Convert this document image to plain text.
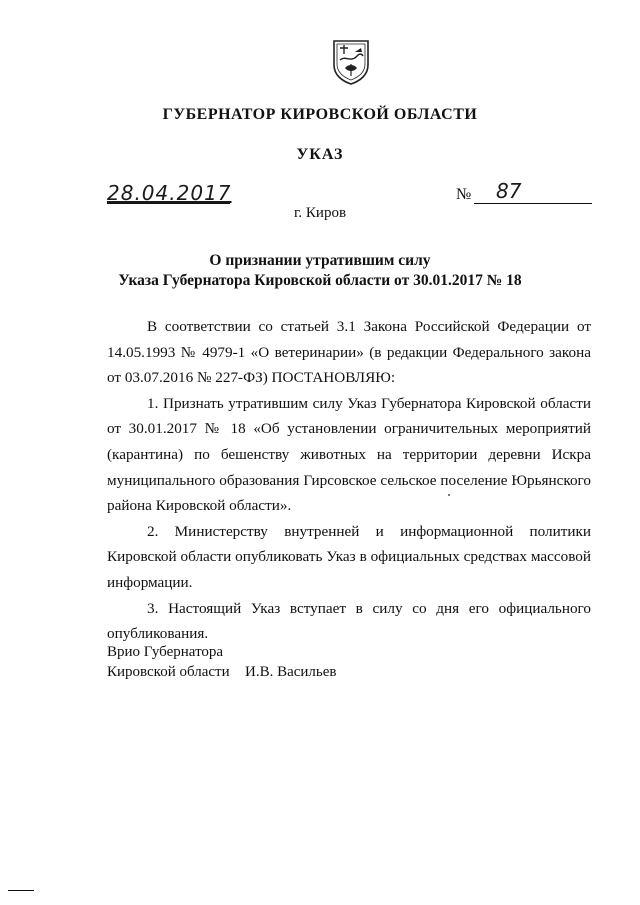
ГУБЕРНАТОР КИРОВСКОЙ ОБЛАСТИ
УКАЗ
28.04.2017	№ 87
г. Киров
О признании утратившим силу
Указа Губернатора Кировской области от 30.01.2017 № 18

В соответствии со статьей 3.1 Закона Российской Федерации от 14.05.1993 № 4979-1 «О ветеринарии» (в редакции Федерального закона от 03.07.2016 № 227-ФЗ) ПОСТАНОВЛЯЮ:

1. Признать утратившим силу Указ Губернатора Кировской области от 30.01.2017 № 18 «Об установлении ограничительных мероприятий (карантина) по бешенству животных на территории деревни Искра муниципального образования Гирсовское сельское поселение Юрьянского района Кировской области».

2. Министерству внутренней и информационной политики Кировской области опубликовать Указ в официальных средствах массовой информации.

3. Настоящий Указ вступает в силу со дня его официального опубликования.

Врио Губернатора
Кировской области И.В. Васильев
